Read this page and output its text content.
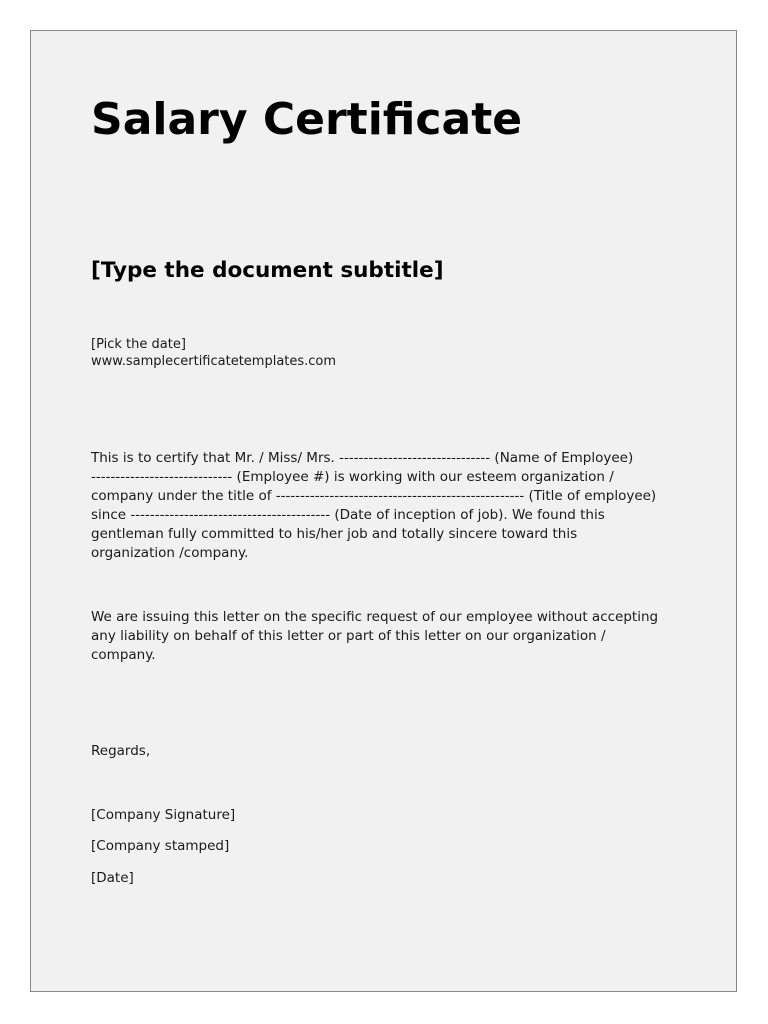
Salary Certificate
[Type the document subtitle]
[Pick the date]
www.samplecertificatetemplates.com
This is to certify that Mr. / Miss/ Mrs. ------------------------------- (Name of Employee)
----------------------------- (Employee #) is working with our esteem organization /
company under the title of --------------------------------------------------- (Title of employee)
since ----------------------------------------- (Date of inception of job). We found this
gentleman fully committed to his/her job and totally sincere toward this
organization /company.
We are issuing this letter on the specific request of our employee without accepting
any liability on behalf of this letter or part of this letter on our organization /
company.
Regards,
[Company Signature]
[Company stamped]
[Date]
